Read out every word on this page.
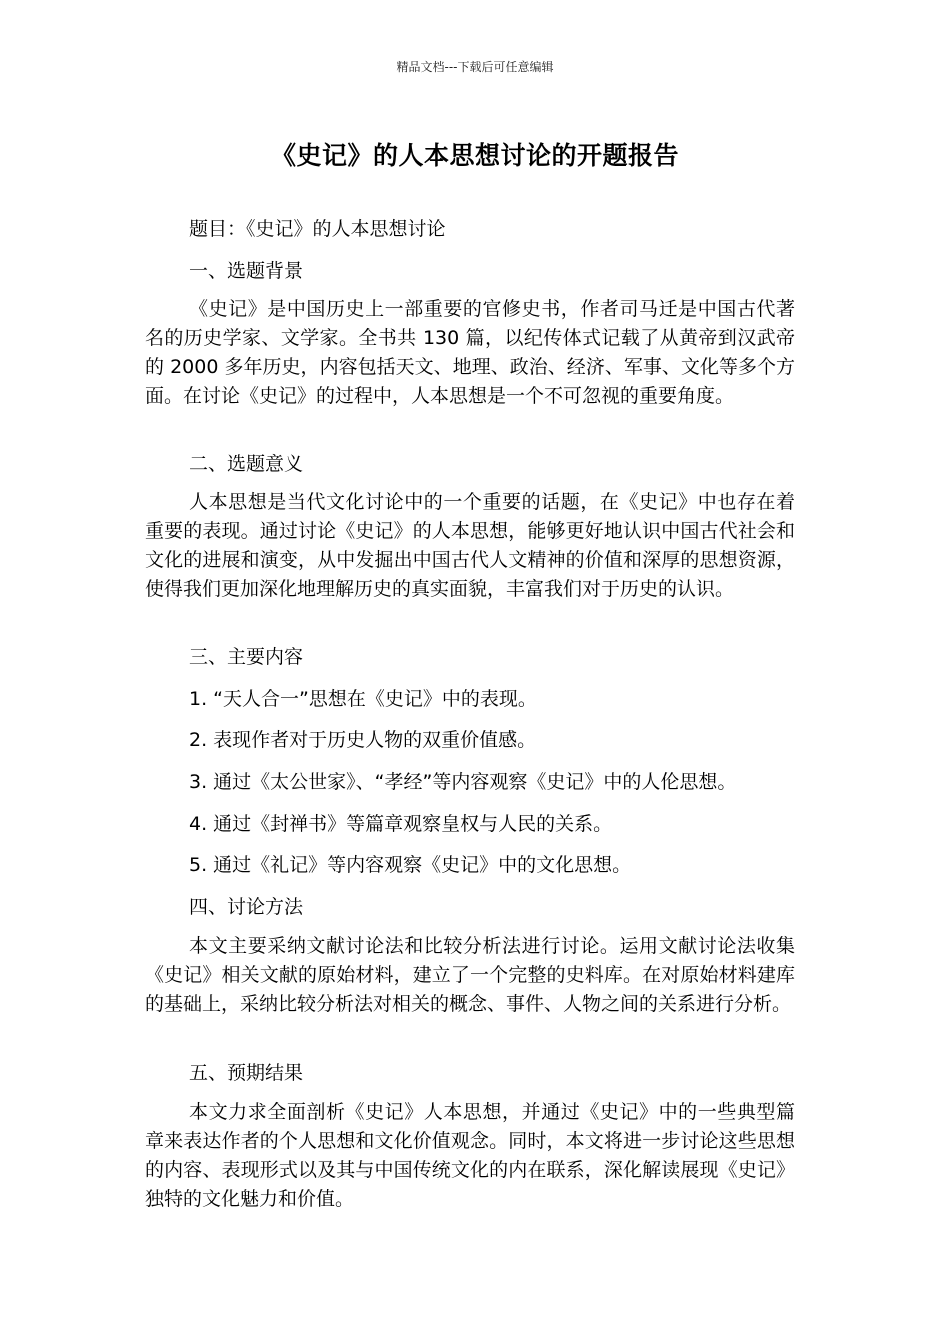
精品文档---下载后可任意编辑
《史记》的人本思想讨论的开题报告
题目：《史记》的人本思想讨论
一、选题背景
《史记》是中国历史上一部重要的官修史书，作者司马迁是中国古代著名的历史学家、文学家。全书共 130 篇，以纪传体式记载了从黄帝到汉武帝的 2000 多年历史，内容包括天文、地理、政治、经济、军事、文化等多个方面。在讨论《史记》的过程中，人本思想是一个不可忽视的重要角度。
二、选题意义
人本思想是当代文化讨论中的一个重要的话题，在《史记》中也存在着重要的表现。通过讨论《史记》的人本思想，能够更好地认识中国古代社会和文化的进展和演变，从中发掘出中国古代人文精神的价值和深厚的思想资源，使得我们更加深化地理解历史的真实面貌，丰富我们对于历史的认识。
三、主要内容
1. “天人合一”思想在《史记》中的表现。
2. 表现作者对于历史人物的双重价值感。
3. 通过《太公世家》、“孝经”等内容观察《史记》中的人伦思想。
4. 通过《封禅书》等篇章观察皇权与人民的关系。
5. 通过《礼记》等内容观察《史记》中的文化思想。
四、讨论方法
本文主要采纳文献讨论法和比较分析法进行讨论。运用文献讨论法收集《史记》相关文献的原始材料，建立了一个完整的史料库。在对原始材料建库的基础上，采纳比较分析法对相关的概念、事件、人物之间的关系进行分析。
五、预期结果
本文力求全面剖析《史记》人本思想，并通过《史记》中的一些典型篇章来表达作者的个人思想和文化价值观念。同时，本文将进一步讨论这些思想的内容、表现形式以及其与中国传统文化的内在联系，深化解读展现《史记》独特的文化魅力和价值。
